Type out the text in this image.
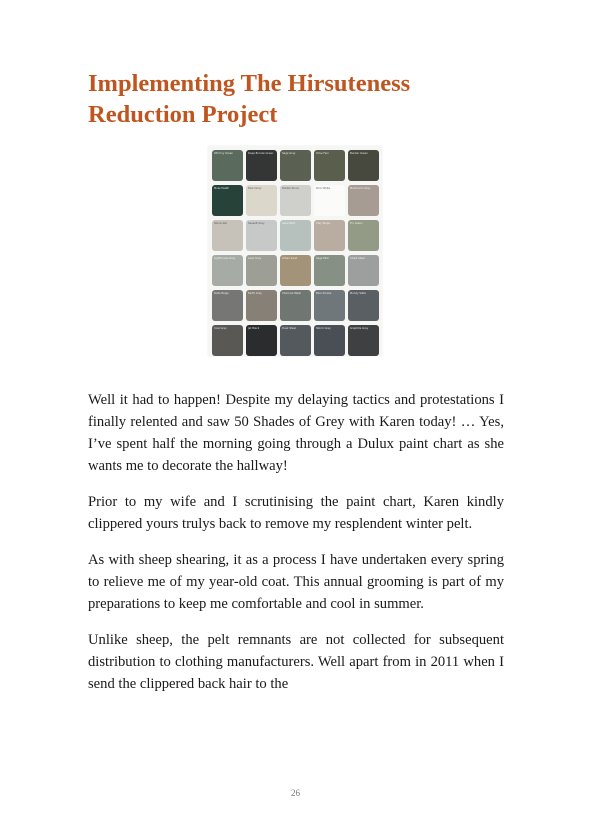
Implementing The Hirsuteness Reduction Project
Wild Ivy Green	Deep Bronze Green	Sage Grey	Olive Fern	Bunker Green
Moss Heath	Pearl Grey	Pebble Stone	Pure White	Mushroom Grey
Stone Ash	Seasalt Grey	Aqua Mist	Clay Taupe	Tin Green
Lighthouse Grey	Lead Grey	Urban Sand	Sage Mist	Chalk Steel
Slate Beige	Earth Grey	Charcoal Wash	Blue Smoke	Moody Slate
Coal Grey	Jet Black	Dusk Steel	Storm Grey	Graphite Grey

Well it had to happen! Despite my delaying tactics and protestations I finally relented and saw 50 Shades of Grey with Karen today! … Yes, I’ve spent half the morning going through a Dulux paint chart as she wants me to decorate the hallway!

Prior to my wife and I scrutinising the paint chart, Karen kindly clippered yours trulys back to remove my resplendent winter pelt.

As with sheep shearing, it as a process I have undertaken every spring to relieve me of my year-old coat. This annual grooming is part of my preparations to keep me comfortable and cool in summer.

Unlike sheep, the pelt remnants are not collected for subsequent distribution to clothing manufacturers. Well apart from in 2011 when I send the clippered back hair to the

26
